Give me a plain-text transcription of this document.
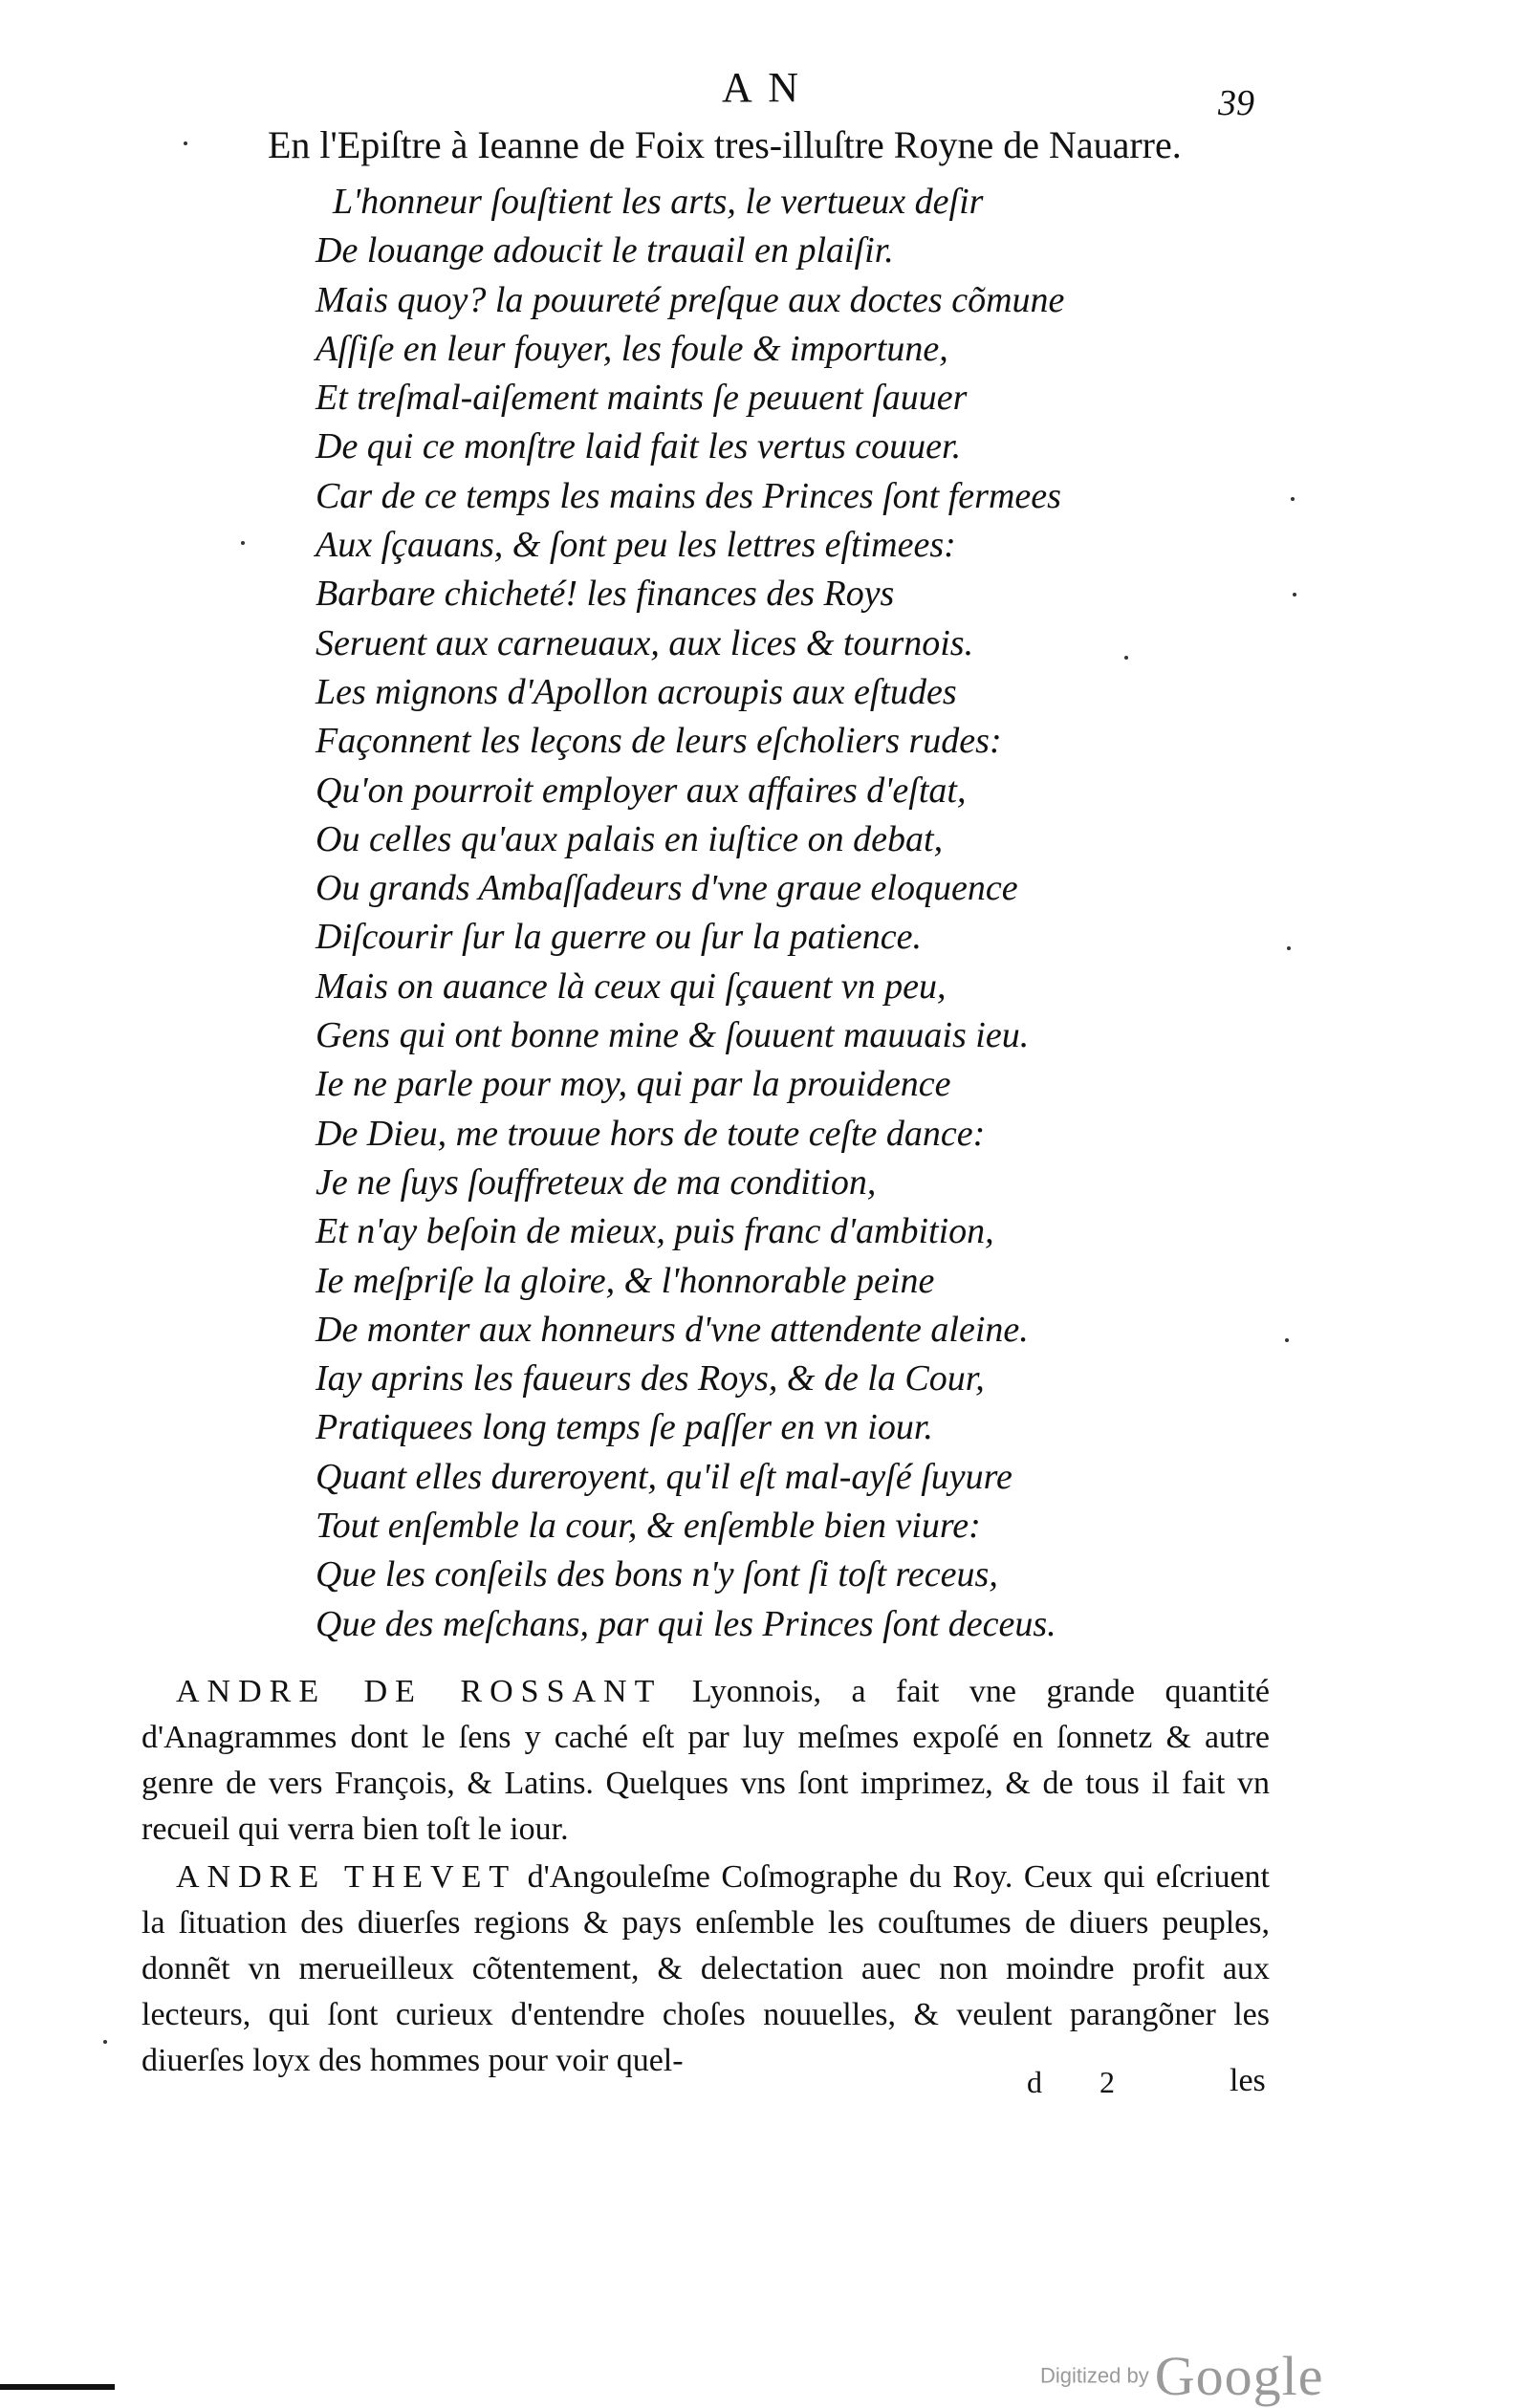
A N	39
En l'Epiſtre à Ieanne de Foix tres-illuſtre Royne de Nauarre.
L'honneur ſouſtient les arts, le vertueux deſir
De louange adoucit le trauail en plaiſir.
Mais quoy? la pouureté preſque aux doctes cõmune
Aſſiſe en leur fouyer, les foule & importune,
Et treſmal-aiſement maints ſe peuuent ſauuer
De qui ce monſtre laid fait les vertus couuer.
Car de ce temps les mains des Princes ſont fermees
Aux ſçauans, & ſont peu les lettres eſtimees:
Barbare chicheté! les finances des Roys
Seruent aux carneuaux, aux lices & tournois.
Les mignons d'Apollon acroupis aux eſtudes
Façonnent les leçons de leurs eſcholiers rudes:
Qu'on pourroit employer aux affaires d'eſtat,
Ou celles qu'aux palais en iuſtice on debat,
Ou grands Ambaſſadeurs d'vne graue eloquence
Diſcourir ſur la guerre ou ſur la patience.
Mais on auance là ceux qui ſçauent vn peu,
Gens qui ont bonne mine & ſouuent mauuais ieu.
Ie ne parle pour moy, qui par la prouidence
De Dieu, me trouue hors de toute ceſte dance:
Je ne ſuys ſouffreteux de ma condition,
Et n'ay beſoin de mieux, puis franc d'ambition,
Ie meſpriſe la gloire, & l'honnorable peine
De monter aux honneurs d'vne attendente aleine.
Iay aprins les faueurs des Roys, & de la Cour,
Pratiquees long temps ſe paſſer en vn iour.
Quant elles dureroyent, qu'il eſt mal-ayſé ſuyure
Tout enſemble la cour, & enſemble bien viure:
Que les conſeils des bons n'y ſont ſi toſt receus,
Que des meſchans, par qui les Princes ſont deceus.

ANDRE DE ROSSANT Lyonnois, a fait vne grande quantité d'Anagrammes dont le ſens y caché eſt par luy meſmes expoſé en ſonnetz & autre genre de vers François, & Latins. Quelques vns ſont imprimez, & de tous il fait vn recueil qui verra bien toſt le iour.

ANDRE THEVET d'Angouleſme Coſmographe du Roy. Ceux qui eſcriuent la ſituation des diuerſes regions & pays enſemble les couſtumes de diuers peuples, donnẽt vn merueilleux cõtentement, & delectation auec non moindre profit aux lecteurs, qui ſont curieux d'entendre choſes nouuelles, & veulent parangõner les diuerſes loyx des hommes pour voir quel-

d 2	les
Digitized by Google
